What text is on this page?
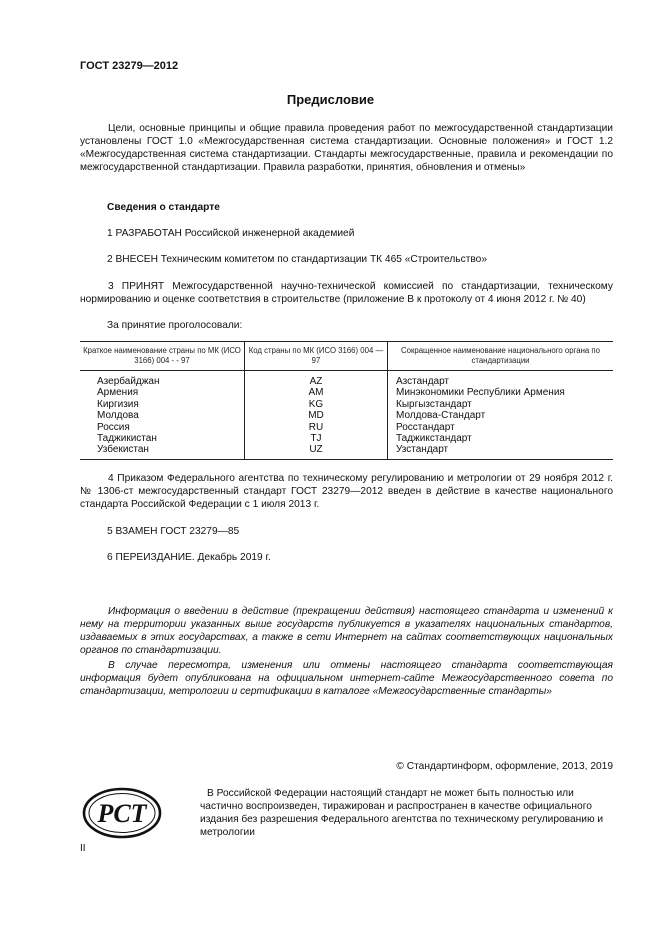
ГОСТ 23279—2012
Предисловие
Цели, основные принципы и общие правила проведения работ по межгосударственной стандартизации установлены ГОСТ 1.0 «Межгосударственная система стандартизации. Основные положения» и ГОСТ 1.2 «Межгосударственная система стандартизации. Стандарты межгосударственные, правила и рекомендации по межгосударственной стандартизации. Правила разработки, принятия, обновления и отмены»
Сведения о стандарте
1 РАЗРАБОТАН Российской инженерной академией
2 ВНЕСЕН Техническим комитетом по стандартизации ТК 465 «Строительство»
3 ПРИНЯТ Межгосударственной научно-технической комиссией по стандартизации, техническому нормированию и оценке соответствия в строительстве (приложение В к протоколу от 4 июня 2012 г. № 40)
За принятие проголосовали:
Краткое наименование страны по МК (ИСО 3166) 004 - - 97	Код страны по МК (ИСО 3166) 004 — 97	Сокращенное наименование национального органа по стандартизации
Азербайджан	AZ	Азстандарт
Армения	AM	Минэкономики Республики Армения
Киргизия	KG	Кыргызстандарт
Молдова	MD	Молдова-Стандарт
Россия	RU	Росстандарт
Таджикистан	TJ	Таджикстандарт
Узбекистан	UZ	Узстандарт
4 Приказом Федерального агентства по техническому регулированию и метрологии от 29 ноября 2012 г. № 1306-ст межгосударственный стандарт ГОСТ 23279—2012 введен в действие в качестве национального стандарта Российской Федерации с 1 июля 2013 г.
5 ВЗАМЕН ГОСТ 23279—85
6 ПЕРЕИЗДАНИЕ. Декабрь 2019 г.
Информация о введении в действие (прекращении действия) настоящего стандарта и изменений к нему на территории указанных выше государств публикуется в указателях национальных стандартов, издаваемых в этих государствах, а также в сети Интернет на сайтах соответствующих национальных органов по стандартизации.
В случае пересмотра, изменения или отмены настоящего стандарта соответствующая информация будет опубликована на официальном интернет-сайте Межгосударственного совета по стандартизации, метрологии и сертификации в каталоге «Межгосударственные стандарты»
© Стандартинформ, оформление, 2013, 2019
РСТ
В Российской Федерации настоящий стандарт не может быть полностью или частично воспроизведен, тиражирован и распространен в качестве официального издания без разрешения Федерального агентства по техническому регулированию и метрологии
II
